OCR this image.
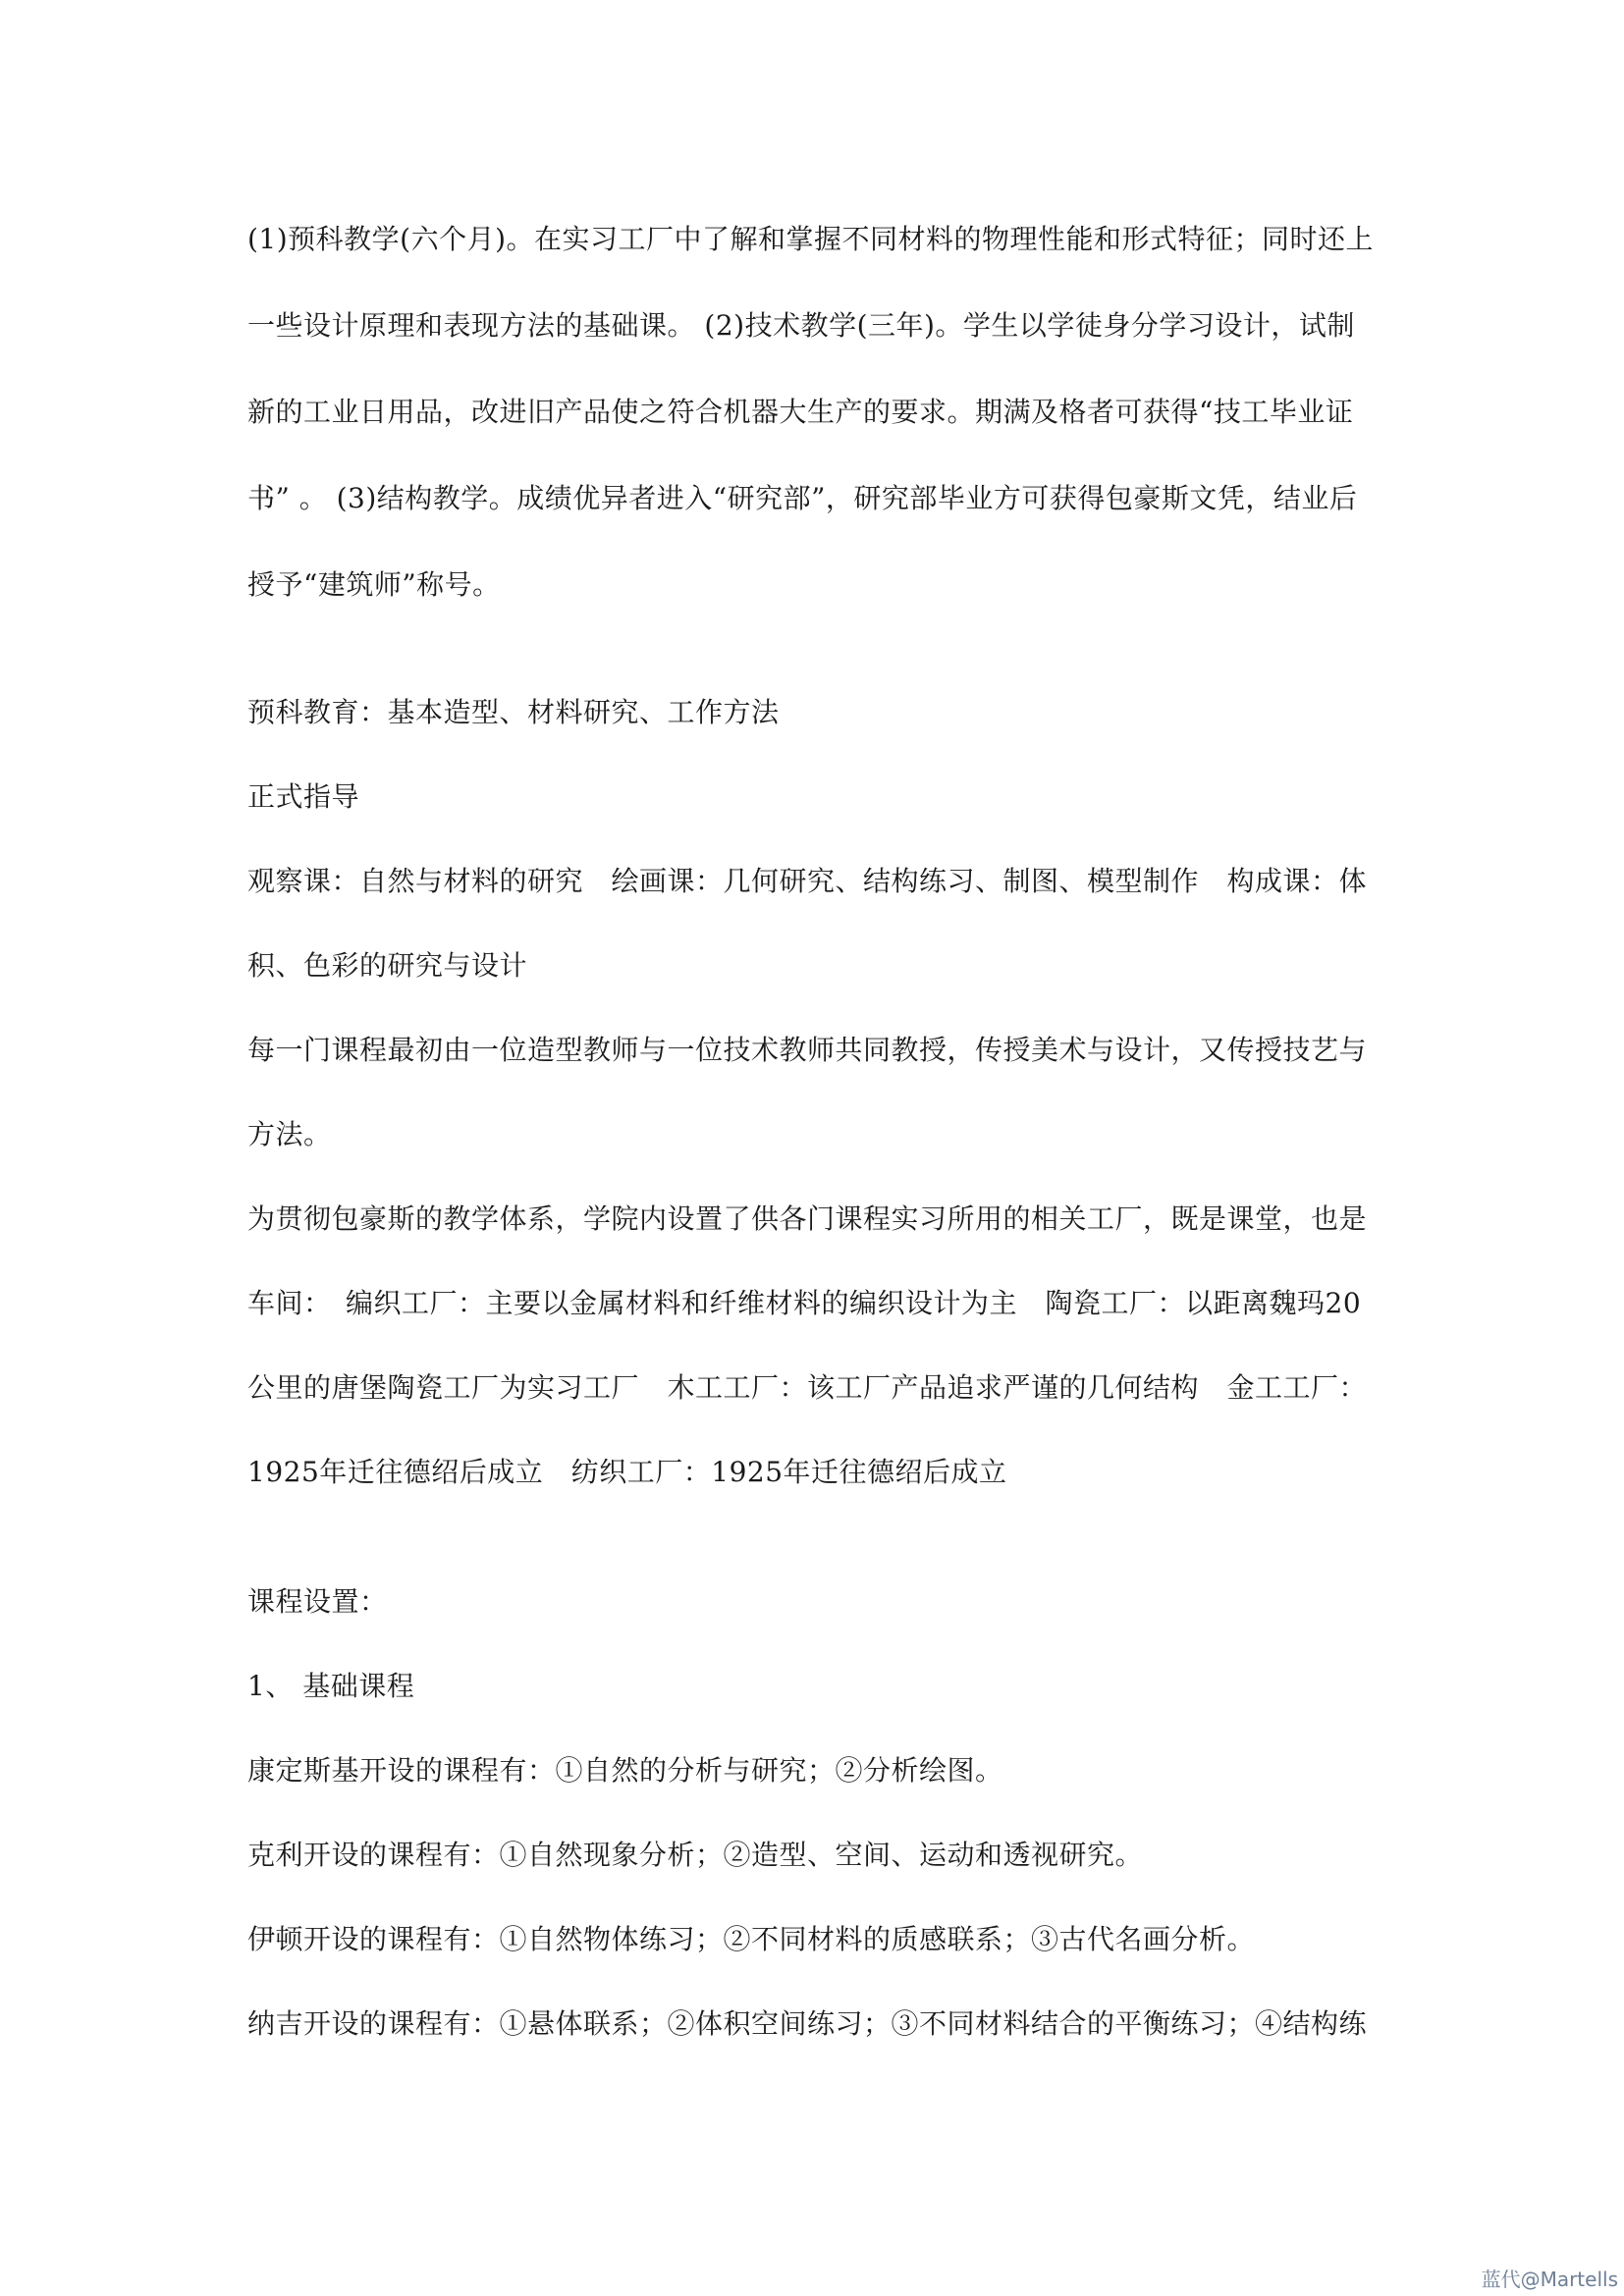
(1)预科教学(六个月)。在实习工厂中了解和掌握不同材料的物理性能和形式特征；同时还上
一些设计原理和表现方法的基础课。 (2)技术教学(三年)。学生以学徒身分学习设计，试制
新的工业日用品，改进旧产品使之符合机器大生产的要求。期满及格者可获得“技工毕业证
书” 。 (3)结构教学。成绩优异者进入“研究部”，研究部毕业方可获得包豪斯文凭，结业后
授予“建筑师”称号。
预科教育：基本造型、材料研究、工作方法
正式指导
观察课：自然与材料的研究　绘画课：几何研究、结构练习、制图、模型制作　构成课：体
积、色彩的研究与设计
每一门课程最初由一位造型教师与一位技术教师共同教授，传授美术与设计，又传授技艺与
方法。
为贯彻包豪斯的教学体系，学院内设置了供各门课程实习所用的相关工厂，既是课堂，也是
车间：　编织工厂：主要以金属材料和纤维材料的编织设计为主　陶瓷工厂：以距离魏玛20
公里的唐堡陶瓷工厂为实习工厂　木工工厂：该工厂产品追求严谨的几何结构　金工工厂：
1925年迁往德绍后成立　纺织工厂：1925年迁往德绍后成立
课程设置：
1、 基础课程
康定斯基开设的课程有：①自然的分析与研究；②分析绘图。
克利开设的课程有：①自然现象分析；②造型、空间、运动和透视研究。
伊顿开设的课程有：①自然物体练习；②不同材料的质感联系；③古代名画分析。
纳吉开设的课程有：①悬体联系；②体积空间练习；③不同材料结合的平衡练习；④结构练
蓝代@Martells
